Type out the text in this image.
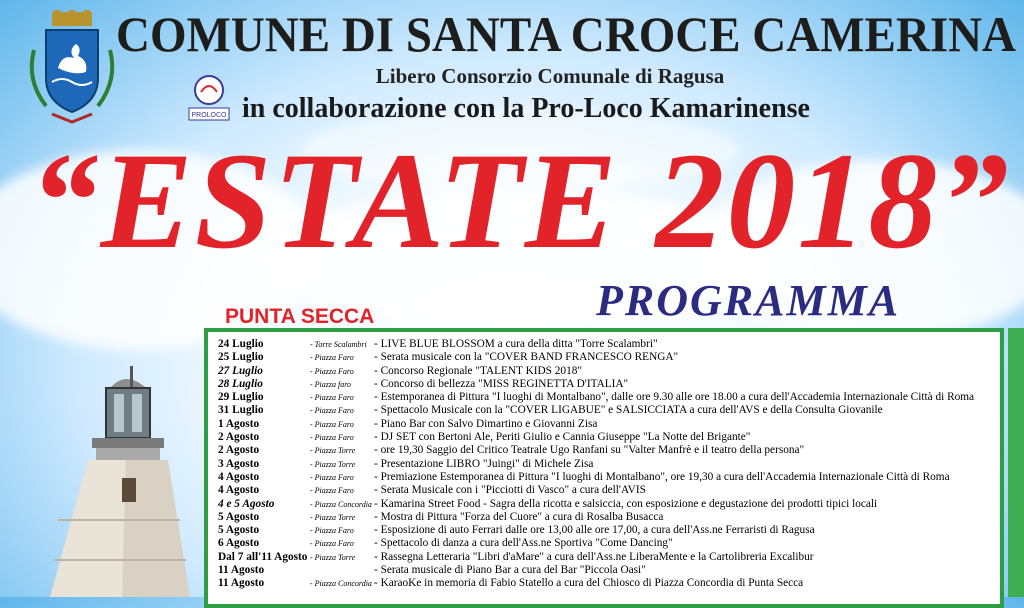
PROLOCO
COMUNE DI SANTA CROCE CAMERINA
Libero Consorzio Comunale di Ragusa
in collaborazione con la Pro-Loco Kamarinense
“ESTATE 2018”
PROGRAMMA
PUNTA SECCA
24 Luglio	- Torre Scalambri - LIVE BLUE BLOSSOM a cura della ditta "Torre Scalambri"
25 Luglio	- Piazza Faro	- Serata musicale con la "COVER BAND FRANCESCO RENGA"
27 Luglio	- Piazza Faro	- Concorso Regionale "TALENT KIDS 2018"
28 Luglio	- Piazza faro	- Concorso di bellezza "MISS REGINETTA D'ITALIA"
29 Luglio	- Piazza Faro	- Estemporanea di Pittura "I luoghi di Montalbano", dalle ore 9.30 alle ore 18.00 a cura dell'Accademia Internazionale Città di Roma
31 Luglio	- Piazza Faro	- Spettacolo Musicale con la "COVER LIGABUE" e SALSICCIATA a cura dell'AVS e della Consulta Giovanile
1 Agosto	- Piazza Faro	- Piano Bar con Salvo Dimartino e Giovanni Zisa
2 Agosto	- Piazza Faro	- DJ SET con Bertoni Ale, Periti Giulio e Cannia Giuseppe "La Notte del Brigante"
2 Agosto	- Piazza Torre	- ore 19,30 Saggio del Critico Teatrale Ugo Ranfani su "Valter Manfrè e il teatro della persona"
3 Agosto	- Piazza Torre	- Presentazione LIBRO "Juingi" di Michele Zisa
4 Agosto	- Piazza Faro	- Premiazione Estemporanea di Pittura "I luoghi di Montalbano", ore 19,30 a cura dell'Accademia Internazionale Città di Roma
4 Agosto	- Piazza Faro	- Serata Musicale con i "Picciotti di Vasco" a cura dell'AVIS
4 e 5 Agosto	- Piazza Concordia - Kamarina Street Food - Sagra della ricotta e salsiccia, con esposizione e degustazione dei prodotti tipici locali
5 Agosto	- Piazza Torre	- Mostra di Pittura "Forza del Cuore" a cura di Rosalba Busacca
5 Agosto	- Piazza Faro	- Esposizione di auto Ferrari dalle ore 13,00 alle ore 17,00, a cura dell'Ass.ne Ferraristi di Ragusa
6 Agosto	- Piazza Faro	- Spettacolo di danza a cura dell'Ass.ne Sportiva "Come Dancing"
Dal 7 all'11 Agosto - Piazza Torre	- Rassegna Letteraria "Libri d'aMare" a cura dell'Ass.ne LiberaMente e la Cartolibreria Excalibur
11 Agosto	- Serata musicale di Piano Bar a cura del Bar "Piccola Oasi"
11 Agosto	- Piazza Concordia - KaraoKe in memoria di Fabio Statello a cura del Chiosco di Piazza Concordia di Punta Secca
